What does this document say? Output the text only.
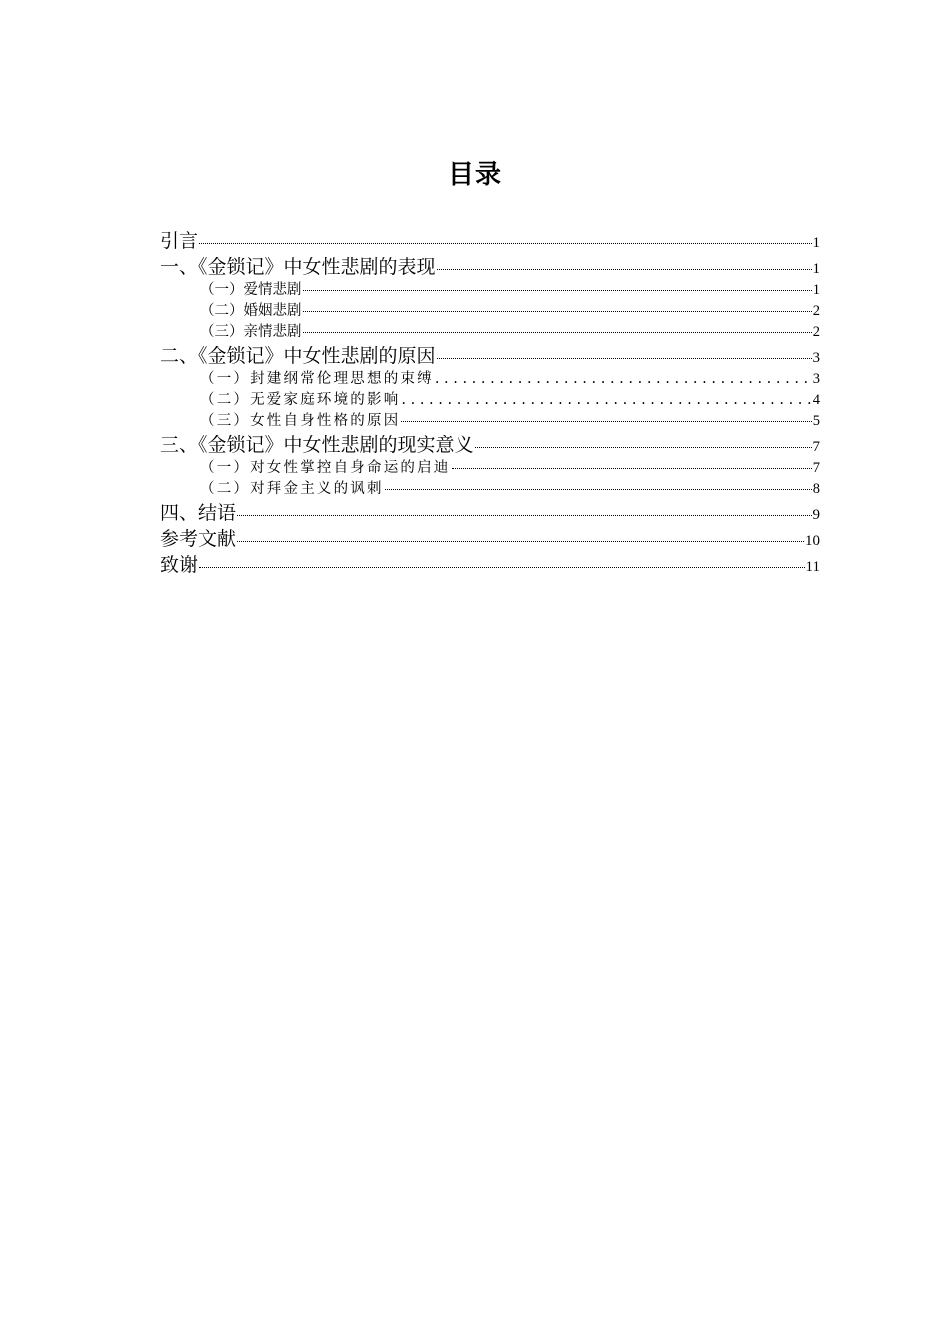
目录
引言	1
一、《金锁记》中女性悲剧的表现	1
（一）爱情悲剧	1
（二）婚姻悲剧	2
（三）亲情悲剧	2
二、《金锁记》中女性悲剧的原因	3
（一）封建纲常伦理思想的束缚 . . .	3
（二）无爱家庭环境的影响 . . .	4
（三）女性自身性格的原因	5
三、《金锁记》中女性悲剧的现实意义	7
（一）对女性掌控自身命运的启迪	7
（二）对拜金主义的讽刺	8
四、结语	9
参考文献	10
致谢	11
